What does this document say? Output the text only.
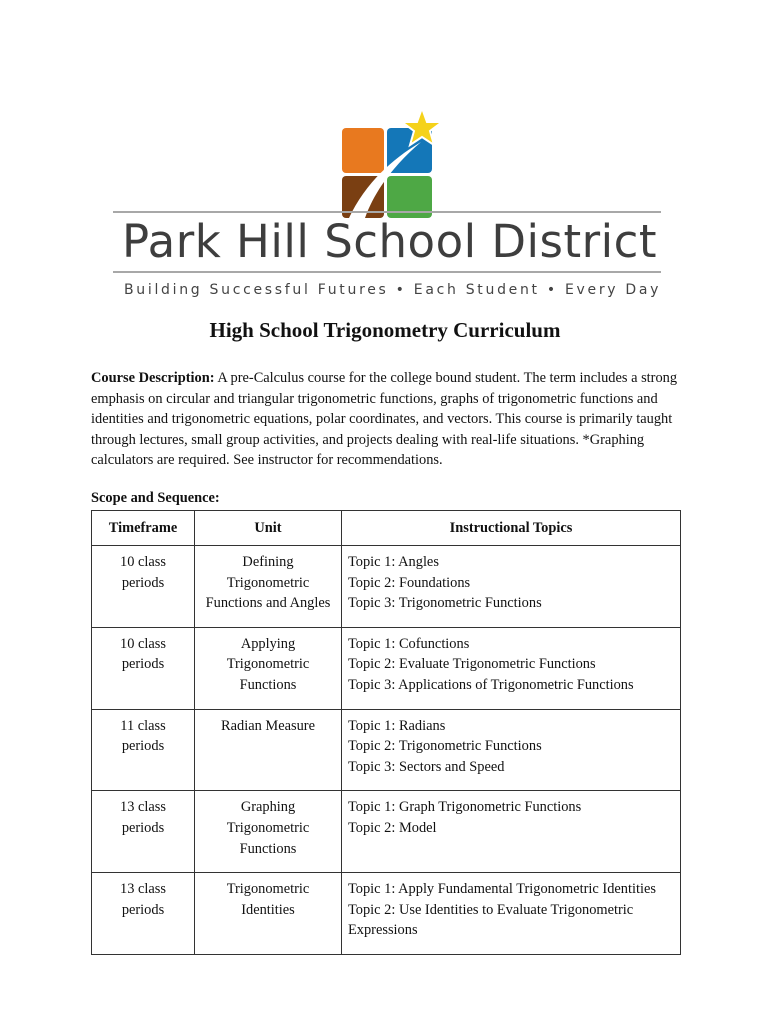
Park Hill School District
Building Successful Futures • Each Student • Every Day
High School Trigonometry Curriculum
Course Description: A pre-Calculus course for the college bound student. The term includes a strong emphasis on circular and triangular trigonometric functions, graphs of trigonometric functions and identities and trigonometric equations, polar coordinates, and vectors. This course is primarily taught through lectures, small group activities, and projects dealing with real-life situations. *Graphing calculators are required. See instructor for recommendations.
Scope and Sequence:
Timeframe	Unit	Instructional Topics

10 class
periods	Defining
Trigonometric
Functions and Angles	Topic 1: Angles
Topic 2: Foundations
Topic 3: Trigonometric Functions

10 class
periods	Applying
Trigonometric
Functions	Topic 1: Cofunctions
Topic 2: Evaluate Trigonometric Functions
Topic 3: Applications of Trigonometric Functions

11 class
periods	Radian Measure	Topic 1: Radians
Topic 2: Trigonometric Functions
Topic 3: Sectors and Speed

13 class
periods	Graphing
Trigonometric
Functions	Topic 1: Graph Trigonometric Functions
Topic 2: Model

13 class
periods	Trigonometric
Identities	Topic 1: Apply Fundamental Trigonometric Identities
Topic 2: Use Identities to Evaluate Trigonometric
Expressions
